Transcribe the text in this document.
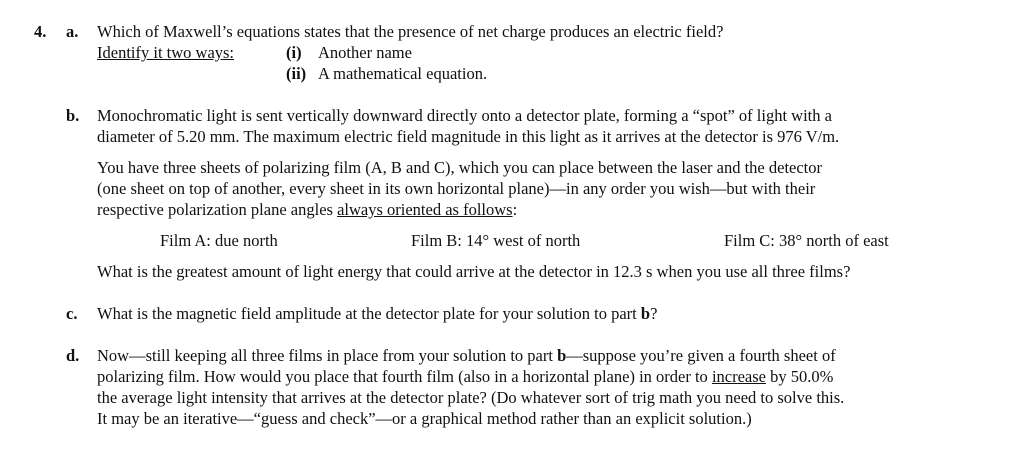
4. a. Which of Maxwell’s equations states that the presence of net charge produces an electric field?
Identify it two ways:	(i) Another name
(ii) A mathematical equation.
b. Monochromatic light is sent vertically downward directly onto a detector plate, forming a “spot” of light with a
diameter of 5.20 mm. The maximum electric field magnitude in this light as it arrives at the detector is 976 V/m.
You have three sheets of polarizing film (A, B and C), which you can place between the laser and the detector
(one sheet on top of another, every sheet in its own horizontal plane)—in any order you wish—but with their
respective polarization plane angles always oriented as follows:
Film A: due north	Film B: 14° west of north	Film C: 38° north of east
What is the greatest amount of light energy that could arrive at the detector in 12.3 s when you use all three films?
c. What is the magnetic field amplitude at the detector plate for your solution to part b?
d. Now—still keeping all three films in place from your solution to part b—suppose you’re given a fourth sheet of
polarizing film. How would you place that fourth film (also in a horizontal plane) in order to increase by 50.0%
the average light intensity that arrives at the detector plate? (Do whatever sort of trig math you need to solve this.
It may be an iterative—“guess and check”—or a graphical method rather than an explicit solution.)
